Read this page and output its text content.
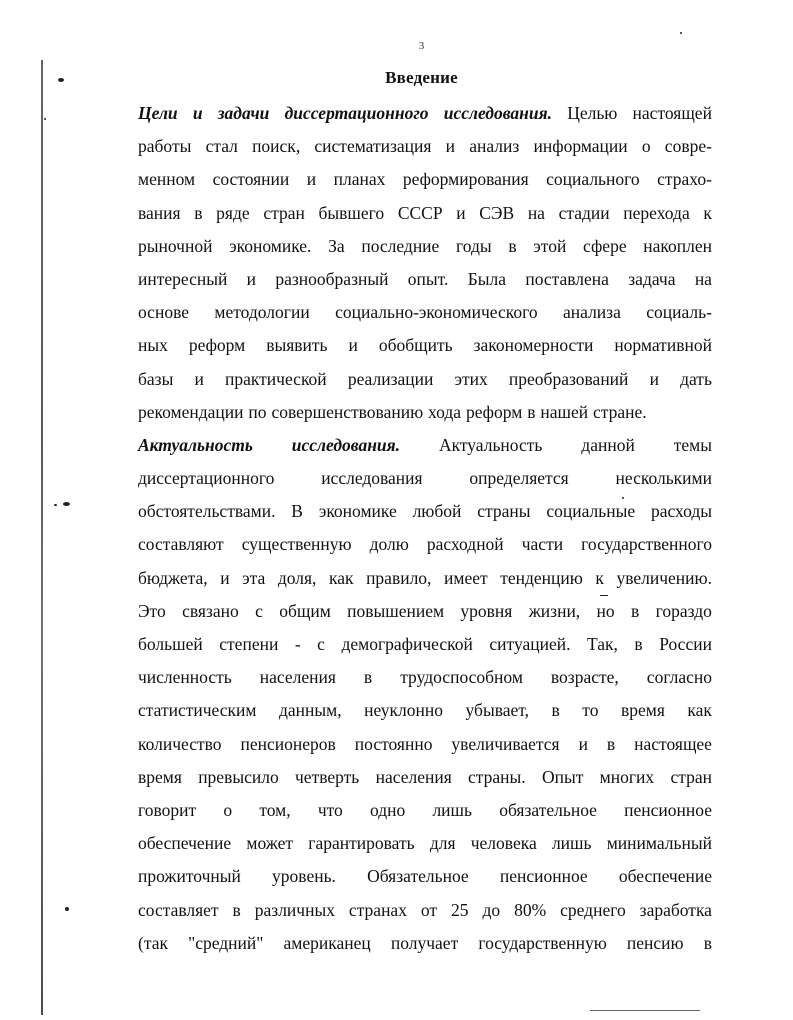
3
Введение
Цели и задачи диссертационного исследования. Целью настоящей
работы стал поиск, систематизация и анализ информации о совре-
менном состоянии и планах реформирования социального страхо-
вания в ряде стран бывшего СССР и СЭВ на стадии перехода к
рыночной экономике. За последние годы в этой сфере накоплен
интересный и разнообразный опыт. Была поставлена задача на
основе методологии социально-экономического анализа социаль-
ных реформ выявить и обобщить закономерности нормативной
базы и практической реализации этих преобразований и дать
рекомендации по совершенствованию хода реформ в нашей стране.
Актуальность исследования. Актуальность данной темы
диссертационного	исследования	определяется	несколькими
обстоятельствами. В экономике любой страны социальные расходы
составляют существенную долю расходной части государственного
бюджета, и эта доля, как правило, имеет тенденцию к увеличению.
Это связано с общим повышением уровня жизни, но в гораздо
большей степени - с демографической ситуацией. Так, в России
численность населения в трудоспособном возрасте, согласно
статистическим данным, неуклонно убывает, в то время как
количество пенсионеров постоянно увеличивается и в настоящее
время превысило четверть населения страны. Опыт многих стран
говорит о том, что одно лишь обязательное пенсионное
обеспечение может гарантировать для человека лишь минимальный
прожиточный уровень. Обязательное пенсионное обеспечение
составляет в различных странах от 25 до 80% среднего заработка
(так "средний" американец получает государственную пенсию в
